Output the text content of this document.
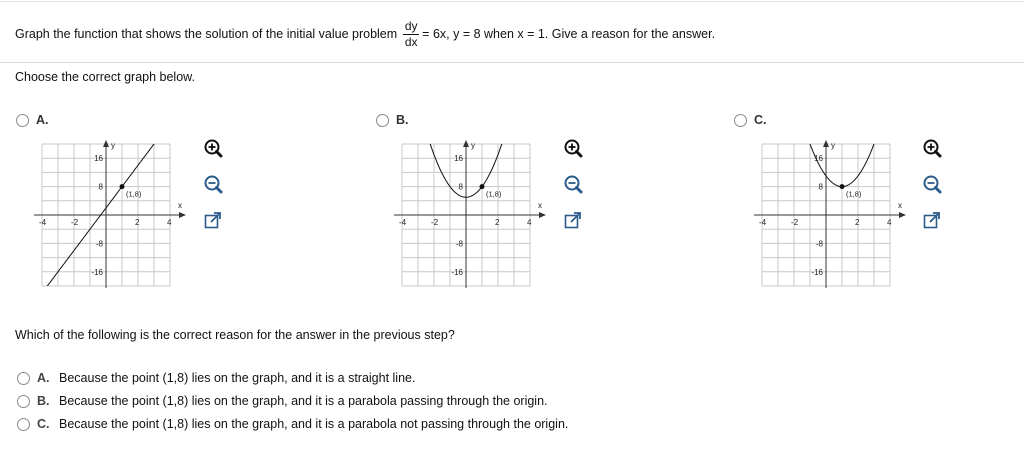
Graph the function that shows the solution of the initial value problem $\frac{dy}{dx} = 6x$, y = 8 when x = 1. Give a reason for the answer.
Choose the correct graph below.
A.
x
y
-4	-2	2	4
16
8
-8
-16
(1,8)
B.
x
y
-4	-2	2	4
16
8
-8
-16
(1,8)
C.
x
y
-4	-2	2	4
16
8
-8
-16
(1,8)
Which of the following is the correct reason for the answer in the previous step?
A. Because the point (1,8) lies on the graph, and it is a straight line.
B. Because the point (1,8) lies on the graph, and it is a parabola passing through the origin.
C. Because the point (1,8) lies on the graph, and it is a parabola not passing through the origin.
